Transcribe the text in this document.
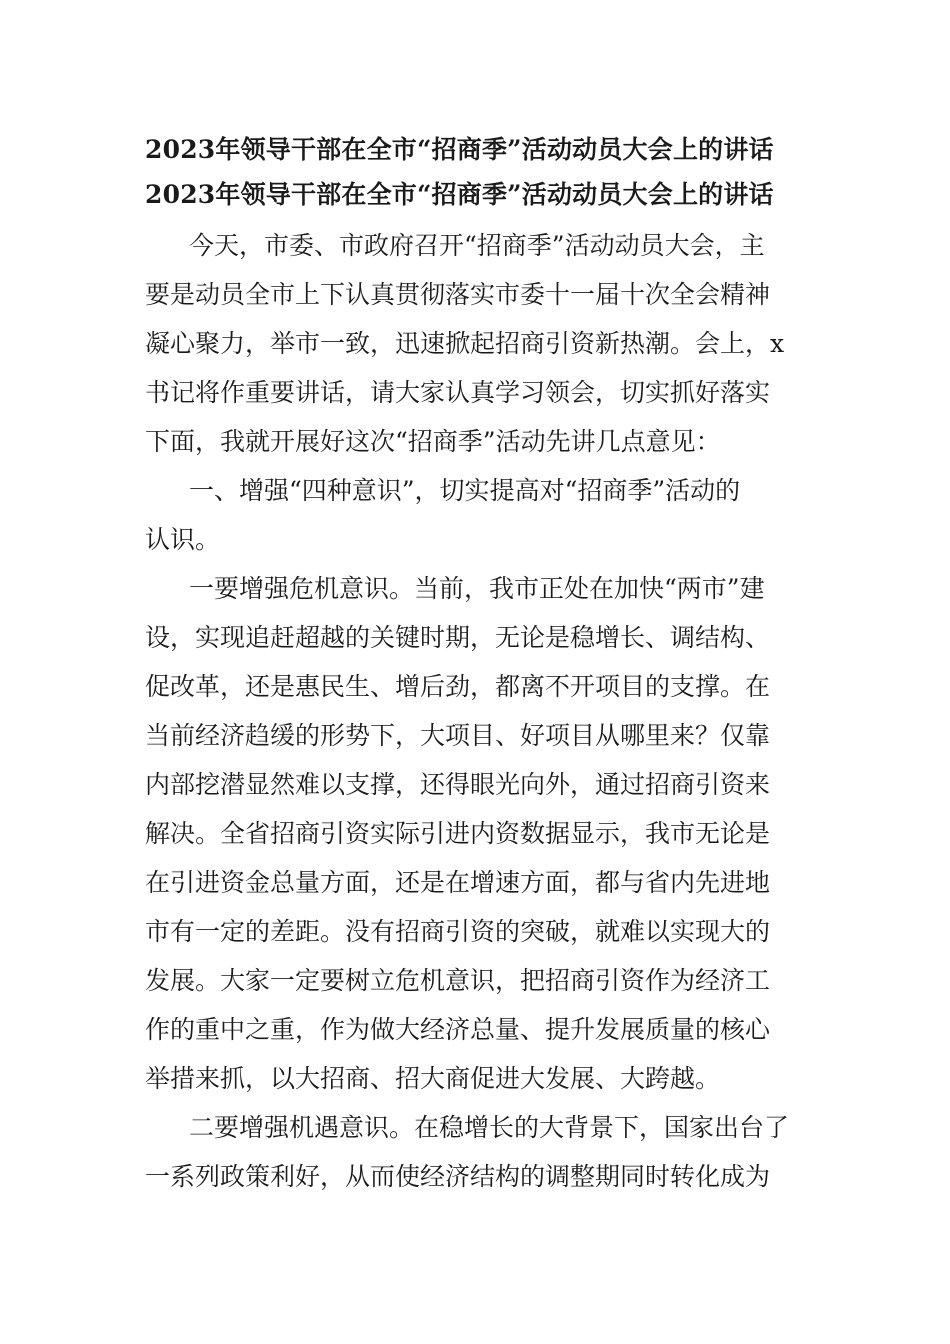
2023年领导干部在全市“招商季”活动动员大会上的讲话
2023年领导干部在全市“招商季”活动动员大会上的讲话

今天，市委、市政府召开“招商季”活动动员大会，主
要是动员全市上下认真贯彻落实市委十一届十次全会精神
凝心聚力，举市一致，迅速掀起招商引资新热潮。会上，x
书记将作重要讲话，请大家认真学习领会，切实抓好落实
下面，我就开展好这次“招商季”活动先讲几点意见：

一、增强“四种意识”，切实提高对“招商季”活动的
认识。

一要增强危机意识。当前，我市正处在加快“两市”建
设，实现追赶超越的关键时期，无论是稳增长、调结构、
促改革，还是惠民生、增后劲，都离不开项目的支撑。在
当前经济趋缓的形势下，大项目、好项目从哪里来？仅靠
内部挖潜显然难以支撑，还得眼光向外，通过招商引资来
解决。全省招商引资实际引进内资数据显示，我市无论是
在引进资金总量方面，还是在增速方面，都与省内先进地
市有一定的差距。没有招商引资的突破，就难以实现大的
发展。大家一定要树立危机意识，把招商引资作为经济工
作的重中之重，作为做大经济总量、提升发展质量的核心
举措来抓，以大招商、招大商促进大发展、大跨越。

二要增强机遇意识。在稳增长的大背景下，国家出台了
一系列政策利好，从而使经济结构的调整期同时转化成为
